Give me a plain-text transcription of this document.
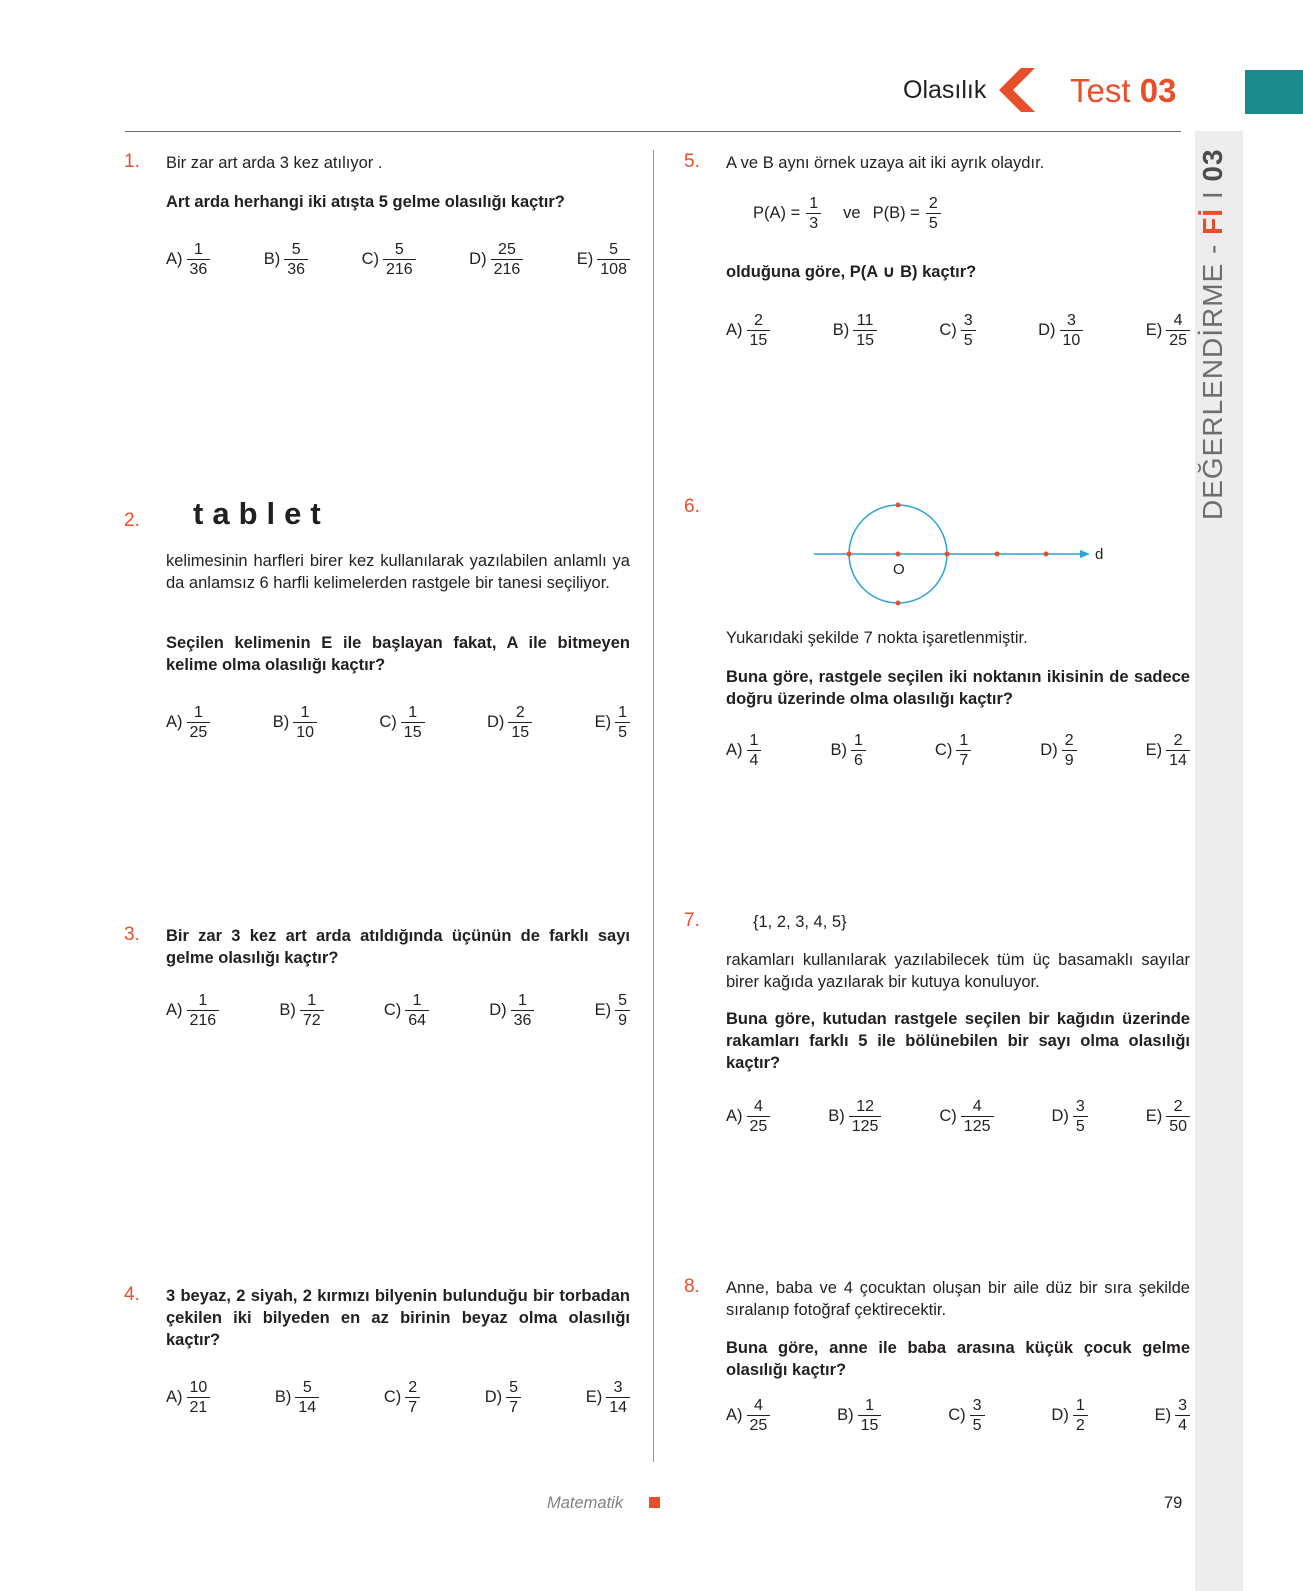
Olasılık	Test 03
DEĞERLENDİRME - Fİ I 03
1. Bir zar art arda 3 kez atılıyor .
Art arda herhangi iki atışta 5 gelme olasılığı kaçtır?
$A) \frac{1}{36}$	$B) \frac{5}{36}$	$C) \frac{5}{216}$	$D) \frac{25}{216}$	$E) \frac{5}{108}$
2. tablet
kelimesinin harfleri birer kez kullanılarak yazılabilen anlamlı ya da anlamsız 6 harfli kelimelerden rastgele bir tanesi seçiliyor.
Seçilen kelimenin E ile başlayan fakat, A ile bitmeyen kelime olma olasılığı kaçtır?
$A) \frac{1}{25}$	$B) \frac{1}{10}$	$C) \frac{1}{15}$	$D) \frac{2}{15}$	$E) \frac{1}{5}$
3. Bir zar 3 kez art arda atıldığında üçünün de farklı sayı gelme olasılığı kaçtır?
$A) \frac{1}{216}$	$B) \frac{1}{72}$	$C) \frac{1}{64}$	$D) \frac{1}{36}$	$E) \frac{5}{9}$
4. 3 beyaz, 2 siyah, 2 kırmızı bilyenin bulunduğu bir torbadan çekilen iki bilyeden en az birinin beyaz olma olasılığı kaçtır?
$A) \frac{10}{21}$	$B) \frac{5}{14}$	$C) \frac{2}{7}$	$D) \frac{5}{7}$	$E) \frac{3}{14}$
5. A ve B aynı örnek uzaya ait iki ayrık olaydır.
$P(A) = \frac{1}{3}$ ve $P(B) = \frac{2}{5}$
olduğuna göre, P(A ∪ B) kaçtır?
$A) \frac{2}{15}$	$B) \frac{11}{15}$	$C) \frac{3}{5}$	$D) \frac{3}{10}$	$E) \frac{4}{25}$
6.
O
d
Yukarıdaki şekilde 7 nokta işaretlenmiştir.
Buna göre, rastgele seçilen iki noktanın ikisinin de sadece doğru üzerinde olma olasılığı kaçtır?
$A) \frac{1}{4}$	$B) \frac{1}{6}$	$C) \frac{1}{7}$	$D) \frac{2}{9}$	$E) \frac{2}{14}$
7.	{1, 2, 3, 4, 5}
rakamları kullanılarak yazılabilecek tüm üç basamaklı sayılar birer kağıda yazılarak bir kutuya konuluyor.
Buna göre, kutudan rastgele seçilen bir kağıdın üzerinde rakamları farklı 5 ile bölünebilen bir sayı olma olasılığı kaçtır?
$A) \frac{4}{25}$	$B) \frac{12}{125}$	$C) \frac{4}{125}$	$D) \frac{3}{5}$	$E) \frac{2}{50}$
8. Anne, baba ve 4 çocuktan oluşan bir aile düz bir sıra şekilde sıralanıp fotoğraf çektirecektir.
Buna göre, anne ile baba arasına küçük çocuk gelme olasılığı kaçtır?
$A) \frac{4}{25}$	$B) \frac{1}{15}$	$C) \frac{3}{5}$	$D) \frac{1}{2}$	$E) \frac{3}{4}$
Matematik	79
